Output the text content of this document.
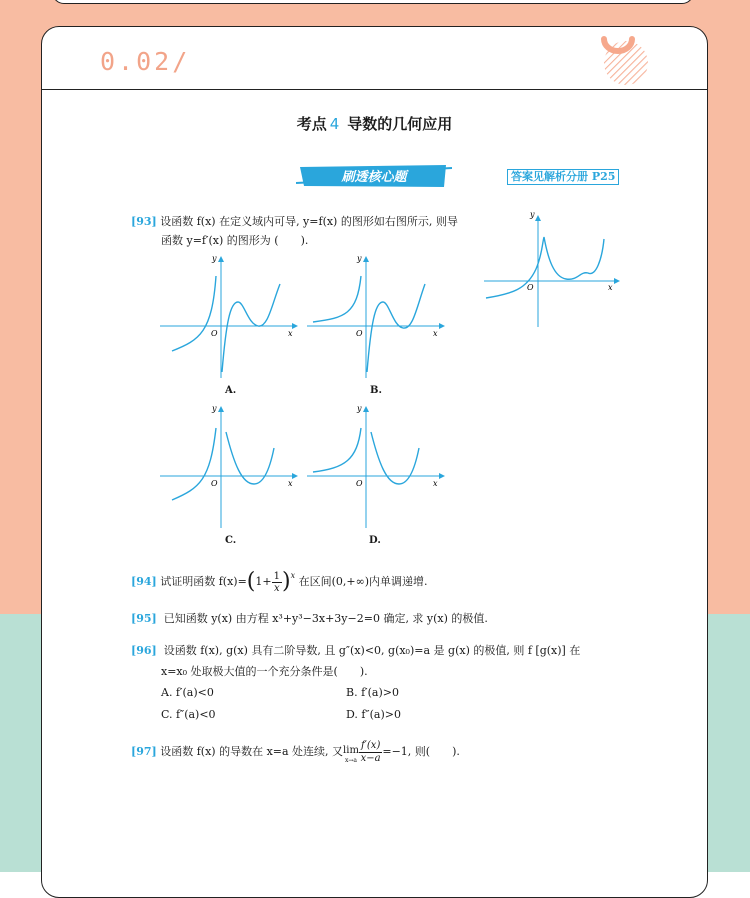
0.02/
考点 4 导数的几何应用
刷透核心题	答案见解析分册 P25
[93] 设函数 f(x) 在定义域内可导, y=f(x) 的图形如右图所示, 则导
函数 y=f′(x) 的图形为 (　　).
y
O	x
y
O	x
A.
y
O	x
B.
y
O	x
C.
y
O	x
D.
[94]
试证明函数 f(x)= ( $1+ \frac{1}{x}$ ) x
在区间(0,+∞)内单调递增.
[95] 已知函数 y(x) 由方程 x³+y³−3x+3y−2=0 确定, 求 y(x) 的极值.
[96] 设函数 f(x), g(x) 具有二阶导数, 且 g″(x)<0, g(x₀)=a 是 g(x) 的极值, 则 f [g(x)] 在
x=x₀ 处取极大值的一个充分条件是(　　).
A. f′(a)<0	B. f′(a)>0
C. f″(a)<0	D. f″(a)>0
[97]
设函数 f(x) 的导数在 x=a 处连续, 又 lim
$x\to a \frac{f'(x)}{x-a} =-1$, 则(　　).
